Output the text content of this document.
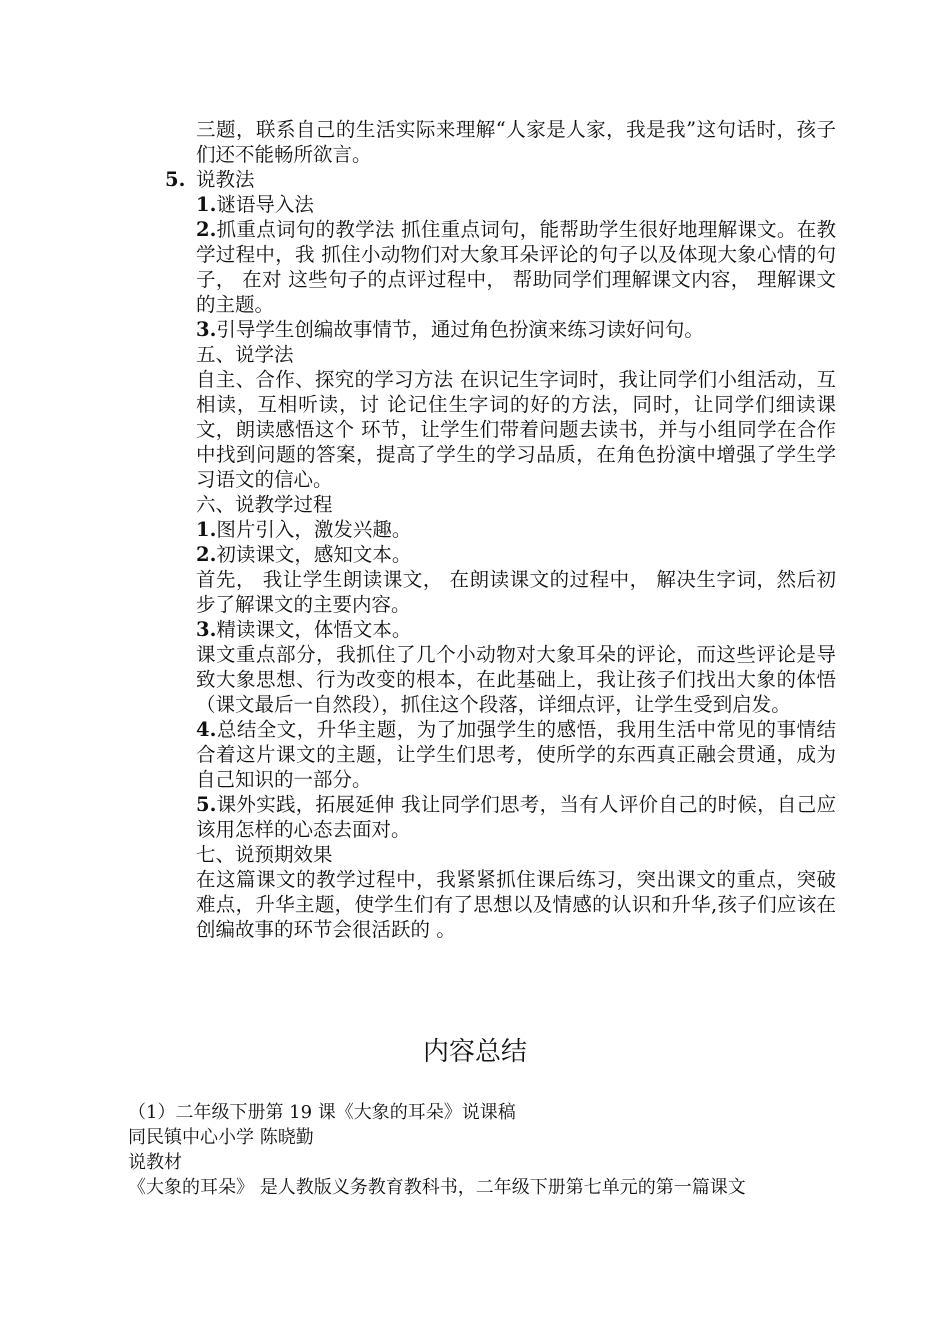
三题，联系自己的生活实际来理解“人家是人家，我是我”这句话时，孩子们还不能畅所欲言。

5. 说教法

1.谜语导入法

2.抓重点词句的教学法 抓住重点词句，能帮助学生很好地理解课文。在教学过程中，我 抓住小动物们对大象耳朵评论的句子以及体现大象心情的句子， 在对 这些句子的点评过程中， 帮助同学们理解课文内容， 理解课文的主题。

3.引导学生创编故事情节，通过角色扮演来练习读好问句。

五、说学法

自主、合作、探究的学习方法 在识记生字词时，我让同学们小组活动，互相读，互相听读，讨 论记住生字词的好的方法，同时，让同学们细读课文，朗读感悟这个 环节，让学生们带着问题去读书，并与小组同学在合作中找到问题的答案，提高了学生的学习品质，在角色扮演中增强了学生学习语文的信心。

六、说教学过程

1.图片引入，激发兴趣。

2.初读课文，感知文本。

首先， 我让学生朗读课文， 在朗读课文的过程中， 解决生字词，然后初步了解课文的主要内容。

3.精读课文，体悟文本。

课文重点部分，我抓住了几个小动物对大象耳朵的评论，而这些评论是导致大象思想、行为改变的根本，在此基础上，我让孩子们找出大象的体悟（课文最后一自然段），抓住这个段落，详细点评，让学生受到启发。

4.总结全文，升华主题，为了加强学生的感悟，我用生活中常见的事情结合着这片课文的主题，让学生们思考，使所学的东西真正融会贯通，成为自己知识的一部分。

5.课外实践，拓展延伸 我让同学们思考，当有人评价自己的时候，自己应该用怎样的心态去面对。

七、说预期效果

在这篇课文的教学过程中，我紧紧抓住课后练习，突出课文的重点，突破难点，升华主题，使学生们有了思想以及情感的认识和升华,孩子们应该在创编故事的环节会很活跃的 。

内容总结

（1）二年级下册第 19 课《大象的耳朵》说课稿

同民镇中心小学 陈晓勤

说教材

《大象的耳朵》 是人教版义务教育教科书，二年级下册第七单元的第一篇课文
